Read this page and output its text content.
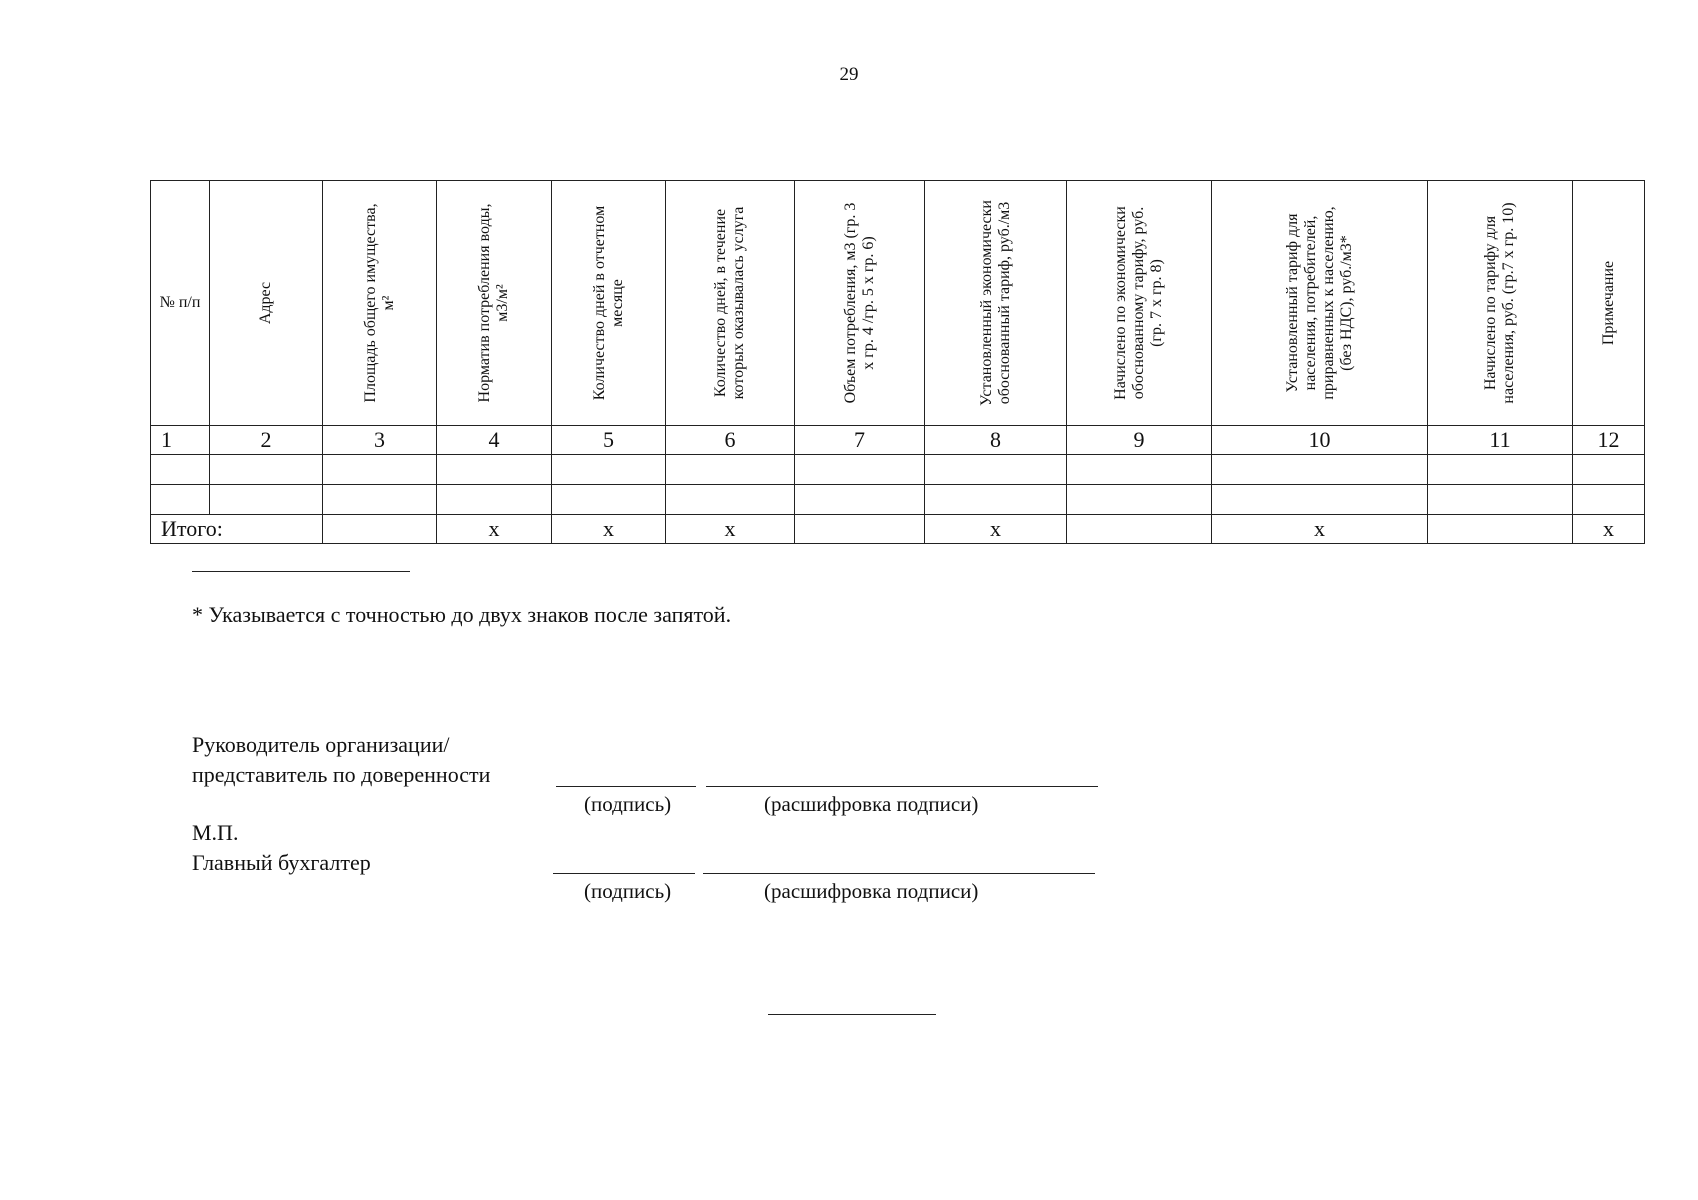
29
№ п/п	Адрес	Площадь общего имущества, м²	Норматив потребления воды, м3/м²	Количество дней в отчетном месяце	Количество дней, в течение которых оказывалась услуга	Объем потребления, м3 (гр. 3 х гр. 4 /гр. 5 х гр. 6)	Установленный экономически обоснованный тариф, руб./м3	Начислено по экономически обоснованному тарифу, руб. (гр. 7 х гр. 8)	Установленный тариф для населения, потребителей, приравненных к населению, (без НДС), руб./м3*	Начислено по тарифу для населения, руб. (гр.7 х гр. 10)	Примечание

1	2	3	4	5	6	7	8	9	10	11	12

Итого:			x	x	x		x		x		x
* Указывается с точностью до двух знаков после запятой.
Руководитель организации/
представитель по доверенности
(подпись)	(расшифровка подписи)
М.П.
Главный бухгалтер
(подпись)	(расшифровка подписи)
